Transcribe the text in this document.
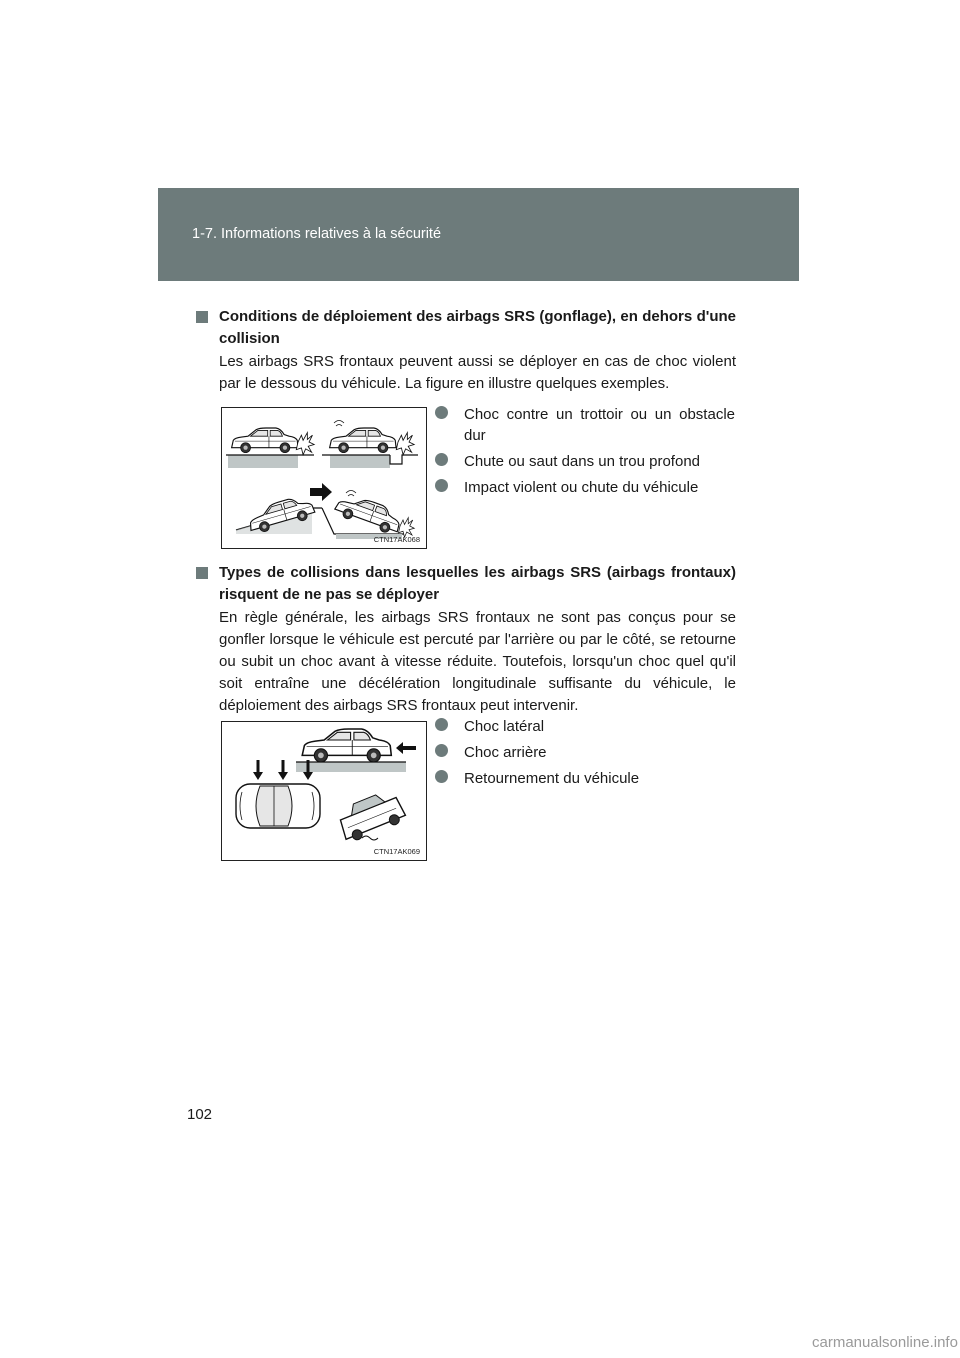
1-7. Informations relatives à la sécurité
Conditions de déploiement des airbags SRS (gonflage), en dehors d'une collision
Les airbags SRS frontaux peuvent aussi se déployer en cas de choc violent par le dessous du véhicule. La figure en illustre quelques exemples.
CTN17AK068
Choc contre un trottoir ou un obstacle dur
Chute ou saut dans un trou profond
Impact violent ou chute du véhicule
Types de collisions dans lesquelles les airbags SRS (airbags frontaux) risquent de ne pas se déployer
En règle générale, les airbags SRS frontaux ne sont pas conçus pour se gonfler lorsque le véhicule est percuté par l'arrière ou par le côté, se retourne ou subit un choc avant à vitesse réduite. Toutefois, lorsqu'un choc quel qu'il soit entraîne une décélération longitudinale suffisante du véhicule, le déploiement des airbags SRS frontaux peut intervenir.
CTN17AK069
Choc latéral
Choc arrière
Retournement du véhicule
102
carmanualsonline.info
